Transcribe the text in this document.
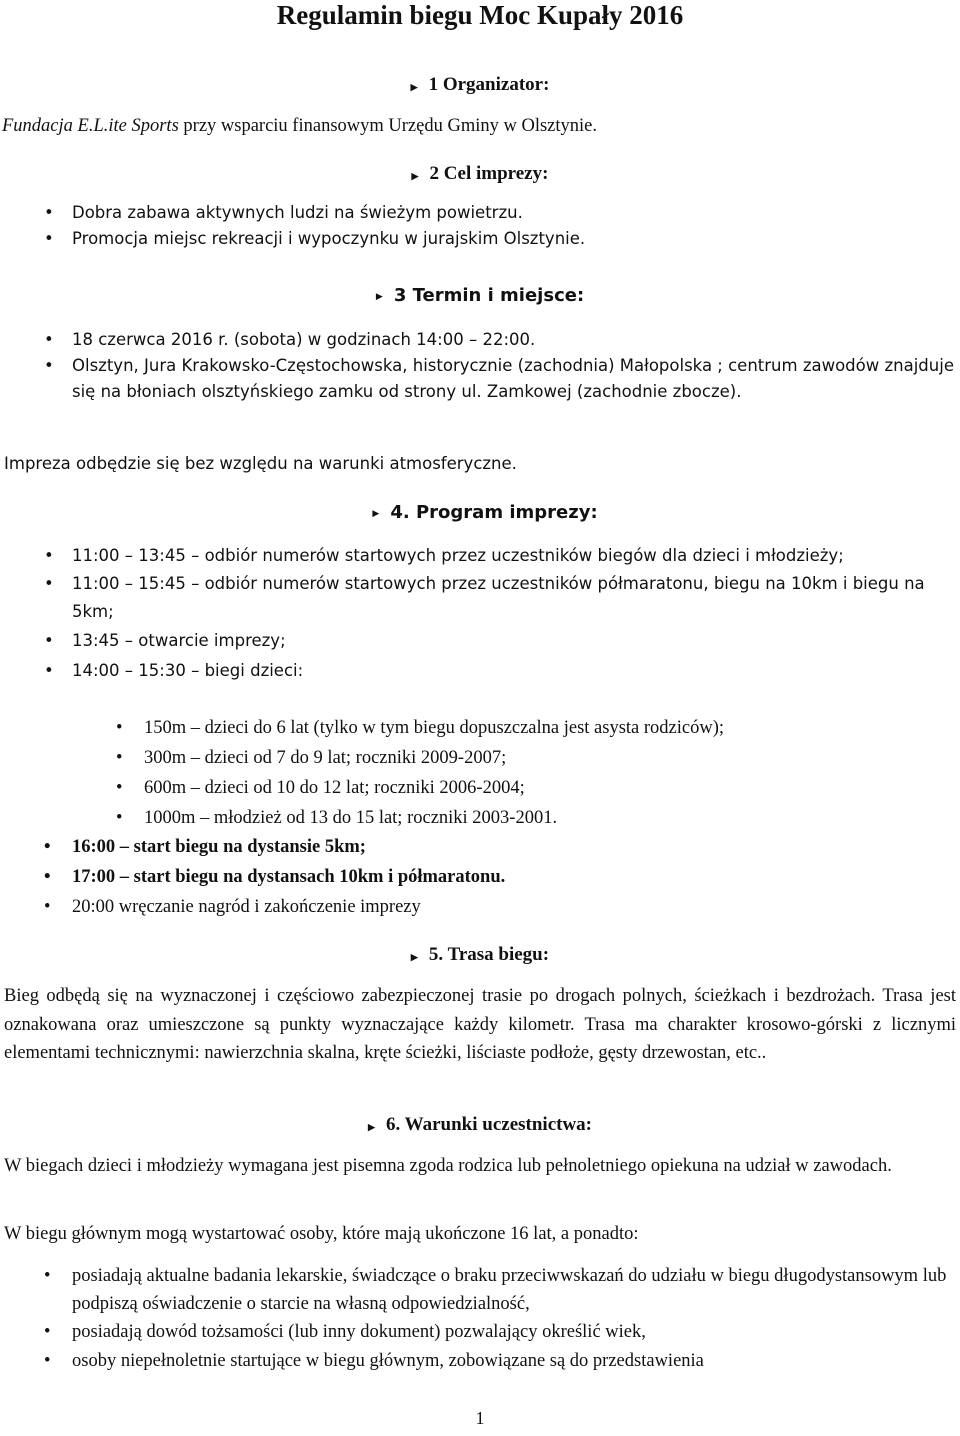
Regulamin biegu Moc Kupały 2016
▶1 Organizator:
Fundacja E.L.ite Sports przy wsparciu finansowym Urzędu Gminy w Olsztynie.
▶2 Cel imprezy:
• Dobra zabawa aktywnych ludzi na świeżym powietrzu.
• Promocja miejsc rekreacji i wypoczynku w jurajskim Olsztynie.
▶3 Termin i miejsce:
• 18 czerwca 2016 r. (sobota) w godzinach 14:00 – 22:00.
• Olsztyn, Jura Krakowsko-Częstochowska, historycznie (zachodnia) Małopolska ; centrum zawodów znajduje się na błoniach olsztyńskiego zamku od strony ul. Zamkowej (zachodnie zbocze).
Impreza odbędzie się bez względu na warunki atmosferyczne.
▶4. Program imprezy:
• 11:00 – 13:45 – odbiór numerów startowych przez uczestników biegów dla dzieci i młodzieży;
• 11:00 – 15:45 – odbiór numerów startowych przez uczestników półmaratonu, biegu na 10km i biegu na 5km;
• 13:45 – otwarcie imprezy;
• 14:00 – 15:30 – biegi dzieci:
• 150m – dzieci do 6 lat (tylko w tym biegu dopuszczalna jest asysta rodziców);
• 300m – dzieci od 7 do 9 lat; roczniki 2009-2007;
• 600m – dzieci od 10 do 12 lat; roczniki 2006-2004;
• 1000m – młodzież od 13 do 15 lat; roczniki 2003-2001.
• 16:00 – start biegu na dystansie 5km;
• 17:00 – start biegu na dystansach 10km i półmaratonu.
• 20:00 wręczanie nagród i zakończenie imprezy
▶5. Trasa biegu:
Bieg odbędą się na wyznaczonej i częściowo zabezpieczonej trasie po drogach polnych, ścieżkach i bezdrożach. Trasa jest oznakowana oraz umieszczone są punkty wyznaczające każdy kilometr. Trasa ma charakter krosowo-górski z licznymi elementami technicznymi: nawierzchnia skalna, kręte ścieżki, liściaste podłoże, gęsty drzewostan, etc..
▶6. Warunki uczestnictwa:
W biegach dzieci i młodzieży wymagana jest pisemna zgoda rodzica lub pełnoletniego opiekuna na udział w zawodach.
W biegu głównym mogą wystartować osoby, które mają ukończone 16 lat, a ponadto:
• posiadają aktualne badania lekarskie, świadczące o braku przeciwwskazań do udziału w biegu długodystansowym lub podpiszą oświadczenie o starcie na własną odpowiedzialność,
• posiadają dowód tożsamości (lub inny dokument) pozwalający określić wiek,
• osoby niepełnoletnie startujące w biegu głównym, zobowiązane są do przedstawienia
1
